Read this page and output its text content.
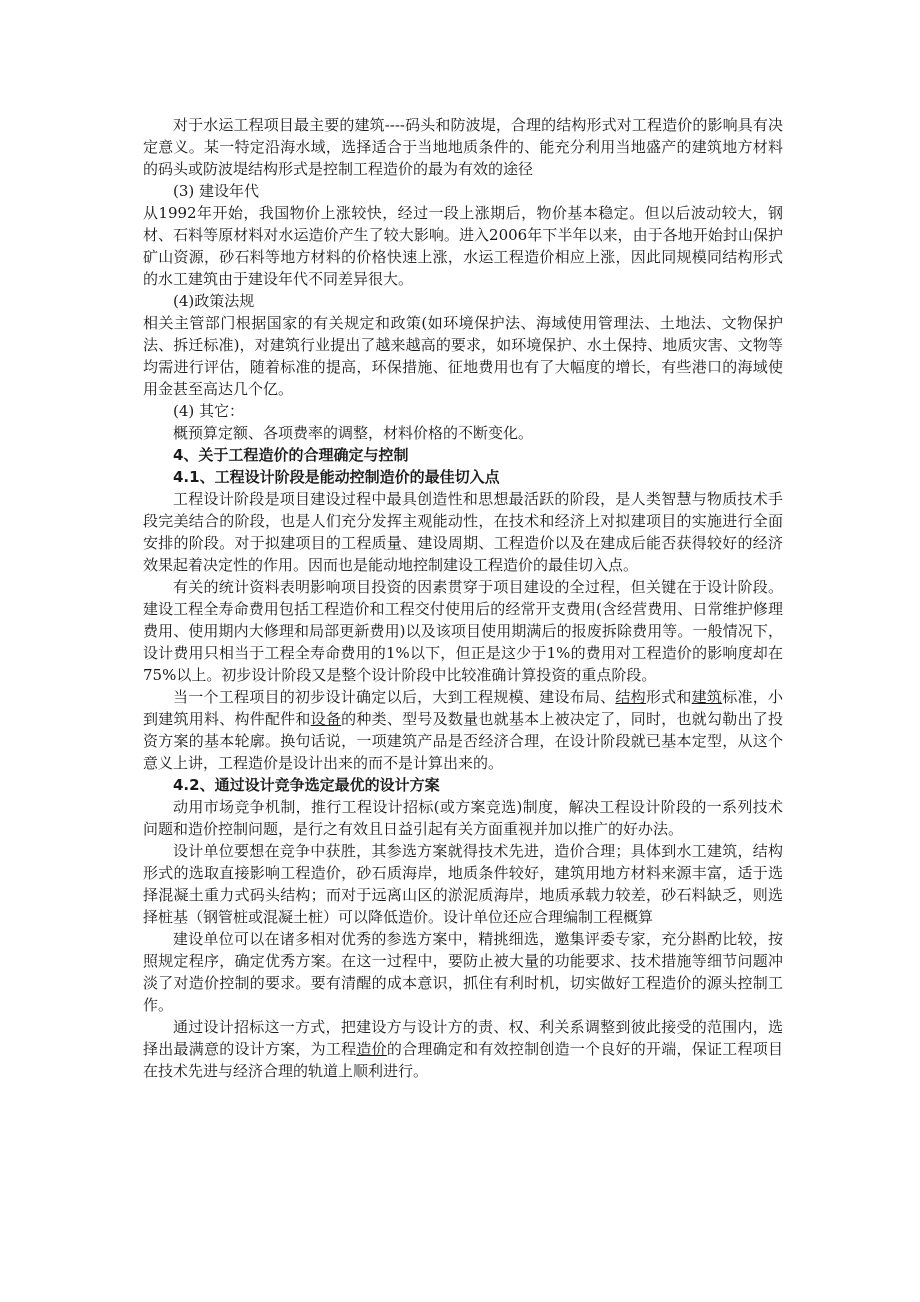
对于水运工程项目最主要的建筑----码头和防波堤，合理的结构形式对工程造价的影响具有决定意义。某一特定沿海水域，选择适合于当地地质条件的、能充分利用当地盛产的建筑地方材料的码头或防波堤结构形式是控制工程造价的最为有效的途径

(3) 建设年代

从1992年开始，我国物价上涨较快，经过一段上涨期后，物价基本稳定。但以后波动较大，钢材、石料等原材料对水运造价产生了较大影响。进入2006年下半年以来，由于各地开始封山保护矿山资源，砂石料等地方材料的价格快速上涨，水运工程造价相应上涨，因此同规模同结构形式的水工建筑由于建设年代不同差异很大。

(4)政策法规

相关主管部门根据国家的有关规定和政策(如环境保护法、海域使用管理法、土地法、文物保护法、拆迁标准)，对建筑行业提出了越来越高的要求，如环境保护、水土保持、地质灾害、文物等均需进行评估，随着标准的提高，环保措施、征地费用也有了大幅度的增长，有些港口的海域使用金甚至高达几个亿。

(4) 其它：

概预算定额、各项费率的调整，材料价格的不断变化。

4、关于工程造价的合理确定与控制

4.1、工程设计阶段是能动控制造价的最佳切入点

工程设计阶段是项目建设过程中最具创造性和思想最活跃的阶段，是人类智慧与物质技术手段完美结合的阶段，也是人们充分发挥主观能动性，在技术和经济上对拟建项目的实施进行全面安排的阶段。对于拟建项目的工程质量、建设周期、工程造价以及在建成后能否获得较好的经济效果起着决定性的作用。因而也是能动地控制建设工程造价的最佳切入点。

有关的统计资料表明影响项目投资的因素贯穿于项目建设的全过程，但关键在于设计阶段。建设工程全寿命费用包括工程造价和工程交付使用后的经常开支费用(含经营费用、日常维护修理费用、使用期内大修理和局部更新费用)以及该项目使用期满后的报废拆除费用等。一般情况下，设计费用只相当于工程全寿命费用的1%以下，但正是这少于1%的费用对工程造价的影响度却在75%以上。初步设计阶段又是整个设计阶段中比较准确计算投资的重点阶段。

当一个工程项目的初步设计确定以后，大到工程规模、建设布局、结构形式和建筑标准，小到建筑用料、构件配件和设备的种类、型号及数量也就基本上被决定了，同时，也就勾勒出了投资方案的基本轮廓。换句话说，一项建筑产品是否经济合理，在设计阶段就已基本定型，从这个意义上讲，工程造价是设计出来的而不是计算出来的。

4.2、通过设计竞争选定最优的设计方案

动用市场竞争机制，推行工程设计招标(或方案竞选)制度，解决工程设计阶段的一系列技术问题和造价控制问题，是行之有效且日益引起有关方面重视并加以推广的好办法。

设计单位要想在竞争中获胜，其参选方案就得技术先进，造价合理；具体到水工建筑，结构形式的选取直接影响工程造价，砂石质海岸，地质条件较好，建筑用地方材料来源丰富，适于选择混凝土重力式码头结构；而对于远离山区的淤泥质海岸，地质承载力较差，砂石料缺乏，则选择桩基（钢管桩或混凝土桩）可以降低造价。设计单位还应合理编制工程概算

建设单位可以在诸多相对优秀的参选方案中，精挑细选，邀集评委专家，充分斟酌比较，按照规定程序，确定优秀方案。在这一过程中，要防止被大量的功能要求、技术措施等细节问题冲淡了对造价控制的要求。要有清醒的成本意识，抓住有利时机，切实做好工程造价的源头控制工作。

通过设计招标这一方式，把建设方与设计方的责、权、利关系调整到彼此接受的范围内，选择出最满意的设计方案，为工程造价的合理确定和有效控制创造一个良好的开端，保证工程项目在技术先进与经济合理的轨道上顺利进行。
